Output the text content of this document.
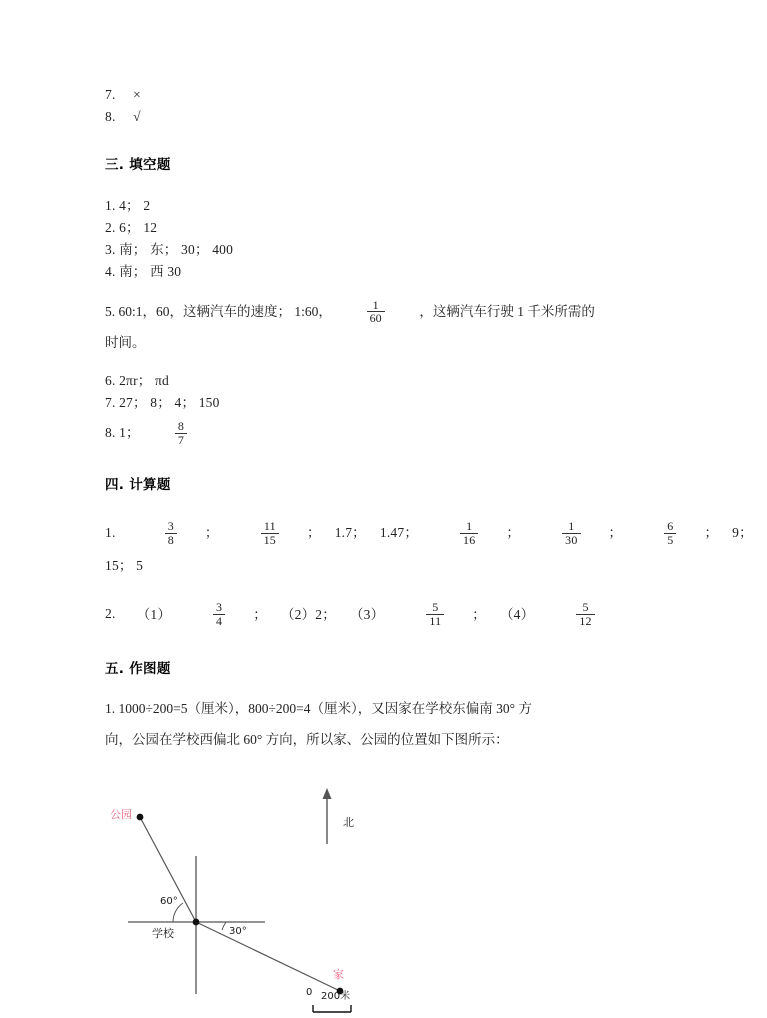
7. ×
8. √
三. 填空题
1. 4； 2
2. 6； 12
3. 南； 东； 30； 400
4. 南； 西 30
5. 60:1，60，这辆汽车的速度； 1:60，	$\frac{1}{60}$	，这辆汽车行驶 1 千米所需的
时间。
6. 2πr； πd
7. 27； 8； 4； 150
8. 1；	$\frac{8}{7}$
四. 计算题
1.	$\frac{3}{8}$ ；	$\frac{11}{15}$ ； 1.7； 1.47；	$\frac{1}{16}$ ；	$\frac{1}{30}$ ；	$\frac{6}{5}$ ； 9；
15； 5
2. （1）	$\frac{3}{4}$ ； （2）2； （3）	$\frac{5}{11}$ ； （4）	$\frac{5}{12}$
五. 作图题
1. 1000÷200=5（厘米），800÷200=4（厘米），又因家在学校东偏南 30° 方
向，公园在学校西偏北 60° 方向，所以家、公园的位置如下图所示：
公园
学校
家
北
60°
30°
0 200米
